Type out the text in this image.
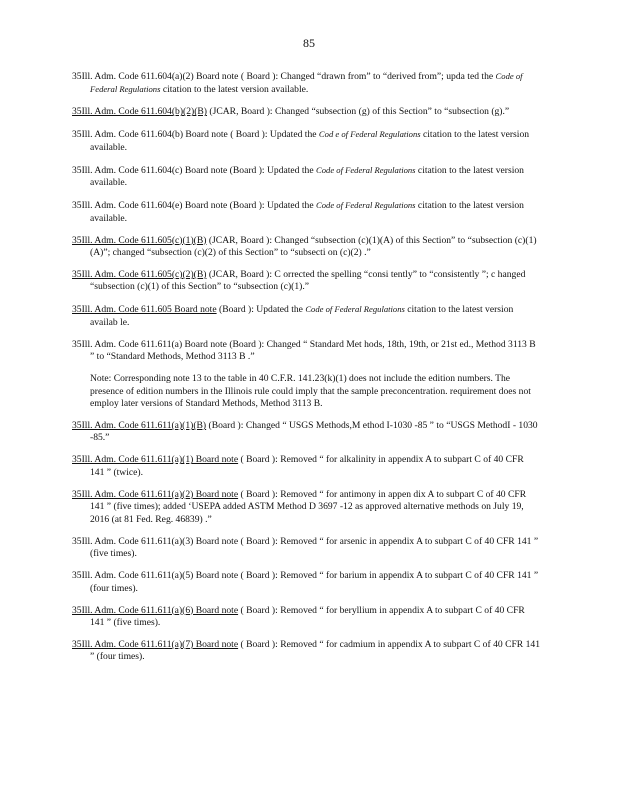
85
35Ill. Adm. Code 611.604(a)(2) Board note ( Board ): Changed “drawn from” to “derived from”; upda ted the Code of Federal Regulations citation to the latest version available.
35Ill. Adm. Code 611.604(b)(2)(B) (JCAR, Board ): Changed “subsection (g) of this Section” to “subsection (g).”
35Ill. Adm. Code 611.604(b) Board note ( Board ): Updated the Cod e of Federal Regulations citation to the latest version available.
35Ill. Adm. Code 611.604(c) Board note (Board ): Updated the Code of Federal Regulations citation to the latest version available.
35Ill. Adm. Code 611.604(e) Board note (Board ): Updated the Code of Federal Regulations citation to the latest version available.
35Ill. Adm. Code 611.605(c)(1)(B) (JCAR, Board ): Changed “subsection (c)(1)(A) of this Section” to “subsection (c)(1)(A)”; changed “subsection (c)(2) of this Section” to “subsecti on (c)(2) .”
35Ill. Adm. Code 611.605(c)(2)(B) (JCAR, Board ): C orrected the spelling “consi tently” to “consistently ”; c hanged “subsection (c)(1) of this Section” to “subsection (c)(1).”
35Ill. Adm. Code 611.605 Board note (Board ): Updated the Code of Federal Regulations citation to the latest version availab le.
35Ill. Adm. Code 611.611(a) Board note (Board ): Changed “ Standard Met hods, 18th, 19th, or 21st ed., Method 3113 B ” to “Standard Methods, Method 3113 B .”
Note: Corresponding note 13 to the table in 40 C.F.R. 141.23(k)(1) does not include the edition numbers. The presence of edition numbers in the Illinois rule could imply that the sample preconcentration. requirement does not employ later versions of Standard Methods, Method 3113 B.
35Ill. Adm. Code 611.611(a)(1)(B) (Board ): Changed “ USGS Methods,M ethod I-1030 -85 ” to “USGS MethodI - 1030 -85.”
35Ill. Adm. Code 611.611(a)(1) Board note ( Board ): Removed “ for alkalinity in appendix A to subpart C of 40 CFR 141 ” (twice).
35Ill. Adm. Code 611.611(a)(2) Board note ( Board ): Removed “ for antimony in appen dix A to subpart C of 40 CFR 141 ” (five times); added ‘USEPA added ASTM Method D 3697 -12 as approved alternative methods on July 19, 2016 (at 81 Fed. Reg. 46839) .”
35Ill. Adm. Code 611.611(a)(3) Board note ( Board ): Removed “ for arsenic in appendix A to subpart C of 40 CFR 141 ” (five times).
35Ill. Adm. Code 611.611(a)(5) Board note ( Board ): Removed “ for barium in appendix A to subpart C of 40 CFR 141 ” (four times).
35Ill. Adm. Code 611.611(a)(6) Board note ( Board ): Removed “ for beryllium in appendix A to subpart C of 40 CFR 141 ” (five times).
35Ill. Adm. Code 611.611(a)(7) Board note ( Board ): Removed “ for cadmium in appendix A to subpart C of 40 CFR 141 ” (four times).
